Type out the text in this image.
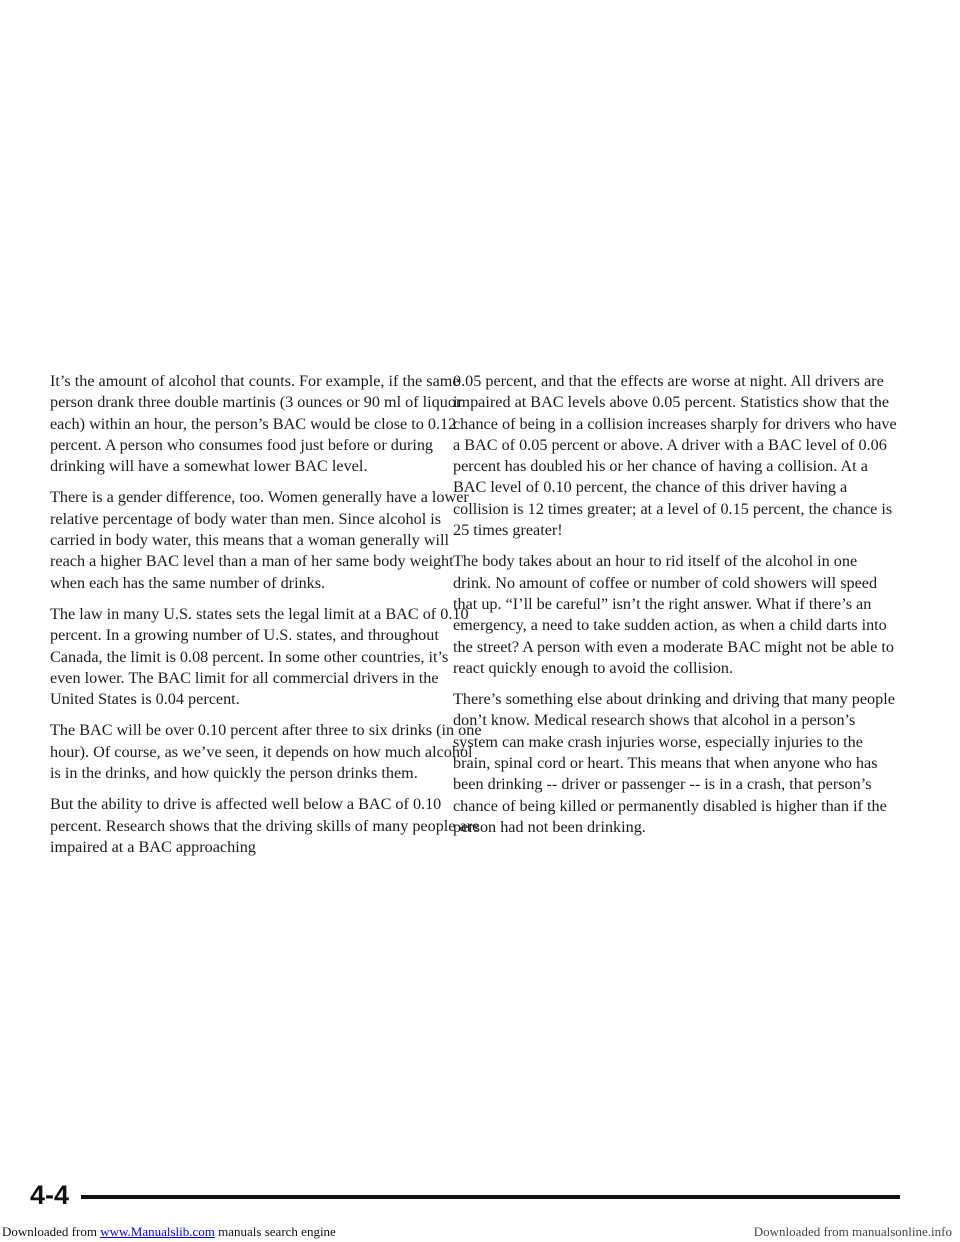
It’s the amount of alcohol that counts. For example, if the same person drank three double martinis (3 ounces or 90 ml of liquor each) within an hour, the person’s BAC would be close to 0.12 percent. A person who consumes food just before or during drinking will have a somewhat lower BAC level.

There is a gender difference, too. Women generally have a lower relative percentage of body water than men. Since alcohol is carried in body water, this means that a woman generally will reach a higher BAC level than a man of her same body weight when each has the same number of drinks.

The law in many U.S. states sets the legal limit at a BAC of 0.10 percent. In a growing number of U.S. states, and throughout Canada, the limit is 0.08 percent. In some other countries, it’s even lower. The BAC limit for all commercial drivers in the United States is 0.04 percent.

The BAC will be over 0.10 percent after three to six drinks (in one hour). Of course, as we’ve seen, it depends on how much alcohol is in the drinks, and how quickly the person drinks them.

But the ability to drive is affected well below a BAC of 0.10 percent. Research shows that the driving skills of many people are impaired at a BAC approaching

0.05 percent, and that the effects are worse at night. All drivers are impaired at BAC levels above 0.05 percent. Statistics show that the chance of being in a collision increases sharply for drivers who have a BAC of 0.05 percent or above. A driver with a BAC level of 0.06 percent has doubled his or her chance of having a collision. At a BAC level of 0.10 percent, the chance of this driver having a collision is 12 times greater; at a level of 0.15 percent, the chance is 25 times greater!

The body takes about an hour to rid itself of the alcohol in one drink. No amount of coffee or number of cold showers will speed that up. “I’ll be careful” isn’t the right answer. What if there’s an emergency, a need to take sudden action, as when a child darts into the street? A person with even a moderate BAC might not be able to react quickly enough to avoid the collision.

There’s something else about drinking and driving that many people don’t know. Medical research shows that alcohol in a person’s system can make crash injuries worse, especially injuries to the brain, spinal cord or heart. This means that when anyone who has been drinking -- driver or passenger -- is in a crash, that person’s chance of being killed or permanently disabled is higher than if the person had not been drinking.

4-4
Downloaded from www.Manualslib.com manuals search engine	Downloaded from manualsonline.info
